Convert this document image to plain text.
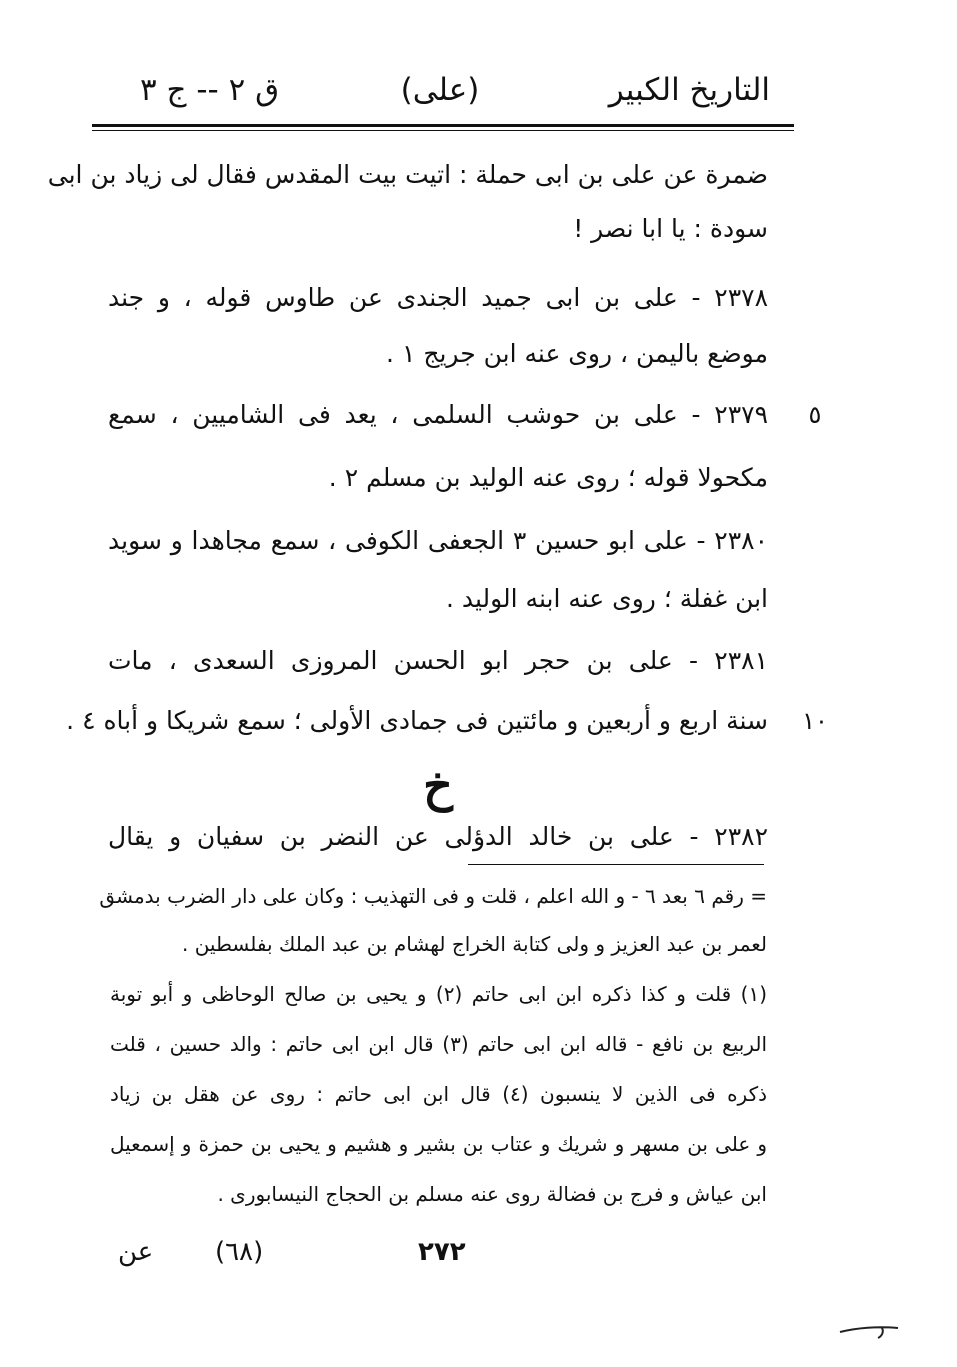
التاريخ الكبير
(على)
ق ٢ -- ج ٣
ضمرة عن على بن ابى حملة : اتيت بيت المقدس فقال لى زياد بن ابى
سودة : يا ابا نصر !
٢٣٧٨ - على بن ابى جميد الجندى عن طاوس قوله ، و جند
موضع باليمن ، روى عنه ابن جريج ١ .
٢٣٧٩ - على بن حوشب السلمى ، يعد فى الشاميين ، سمع	٥
مكحولا قوله ؛ روى عنه الوليد بن مسلم ٢ .
٢٣٨٠ - على ابو حسين ٣ الجعفى الكوفى ، سمع مجاهدا و سويد
ابن غفلة ؛ روى عنه ابنه الوليد .
٢٣٨١ - على بن حجر ابو الحسن المروزى السعدى ، مات
سنة اربع و أربعين و مائتين فى جمادى الأولى ؛ سمع شريكا و أباه ٤ . ١٠
خ
٢٣٨٢ - على بن خالد الدؤلى عن النضر بن سفيان و يقال
= رقم ٦ بعد ٦ - و الله اعلم ، قلت و فى التهذيب : وكان على دار الضرب بدمشق
لعمر بن عبد العزيز و ولى كتابة الخراج لهشام بن عبد الملك بفلسطين .
(١) قلت و كذا ذكره ابن ابى حاتم (٢) و يحيى بن صالح الوحاظى و أبو توبة
الربيع بن نافع - قاله ابن ابى حاتم (٣) قال ابن ابى حاتم : والد حسين ، قلت
ذكره فى الذين لا ينسبون (٤) قال ابن ابى حاتم : روى عن هقل بن زياد
و على بن مسهر و شريك و عتاب بن بشير و هشيم و يحيى بن حمزة و إسمعيل
ابن عياش و فرج بن فضالة روى عنه مسلم بن الحجاج النيسابورى .
٢٧٢
(٦٨)
عن
